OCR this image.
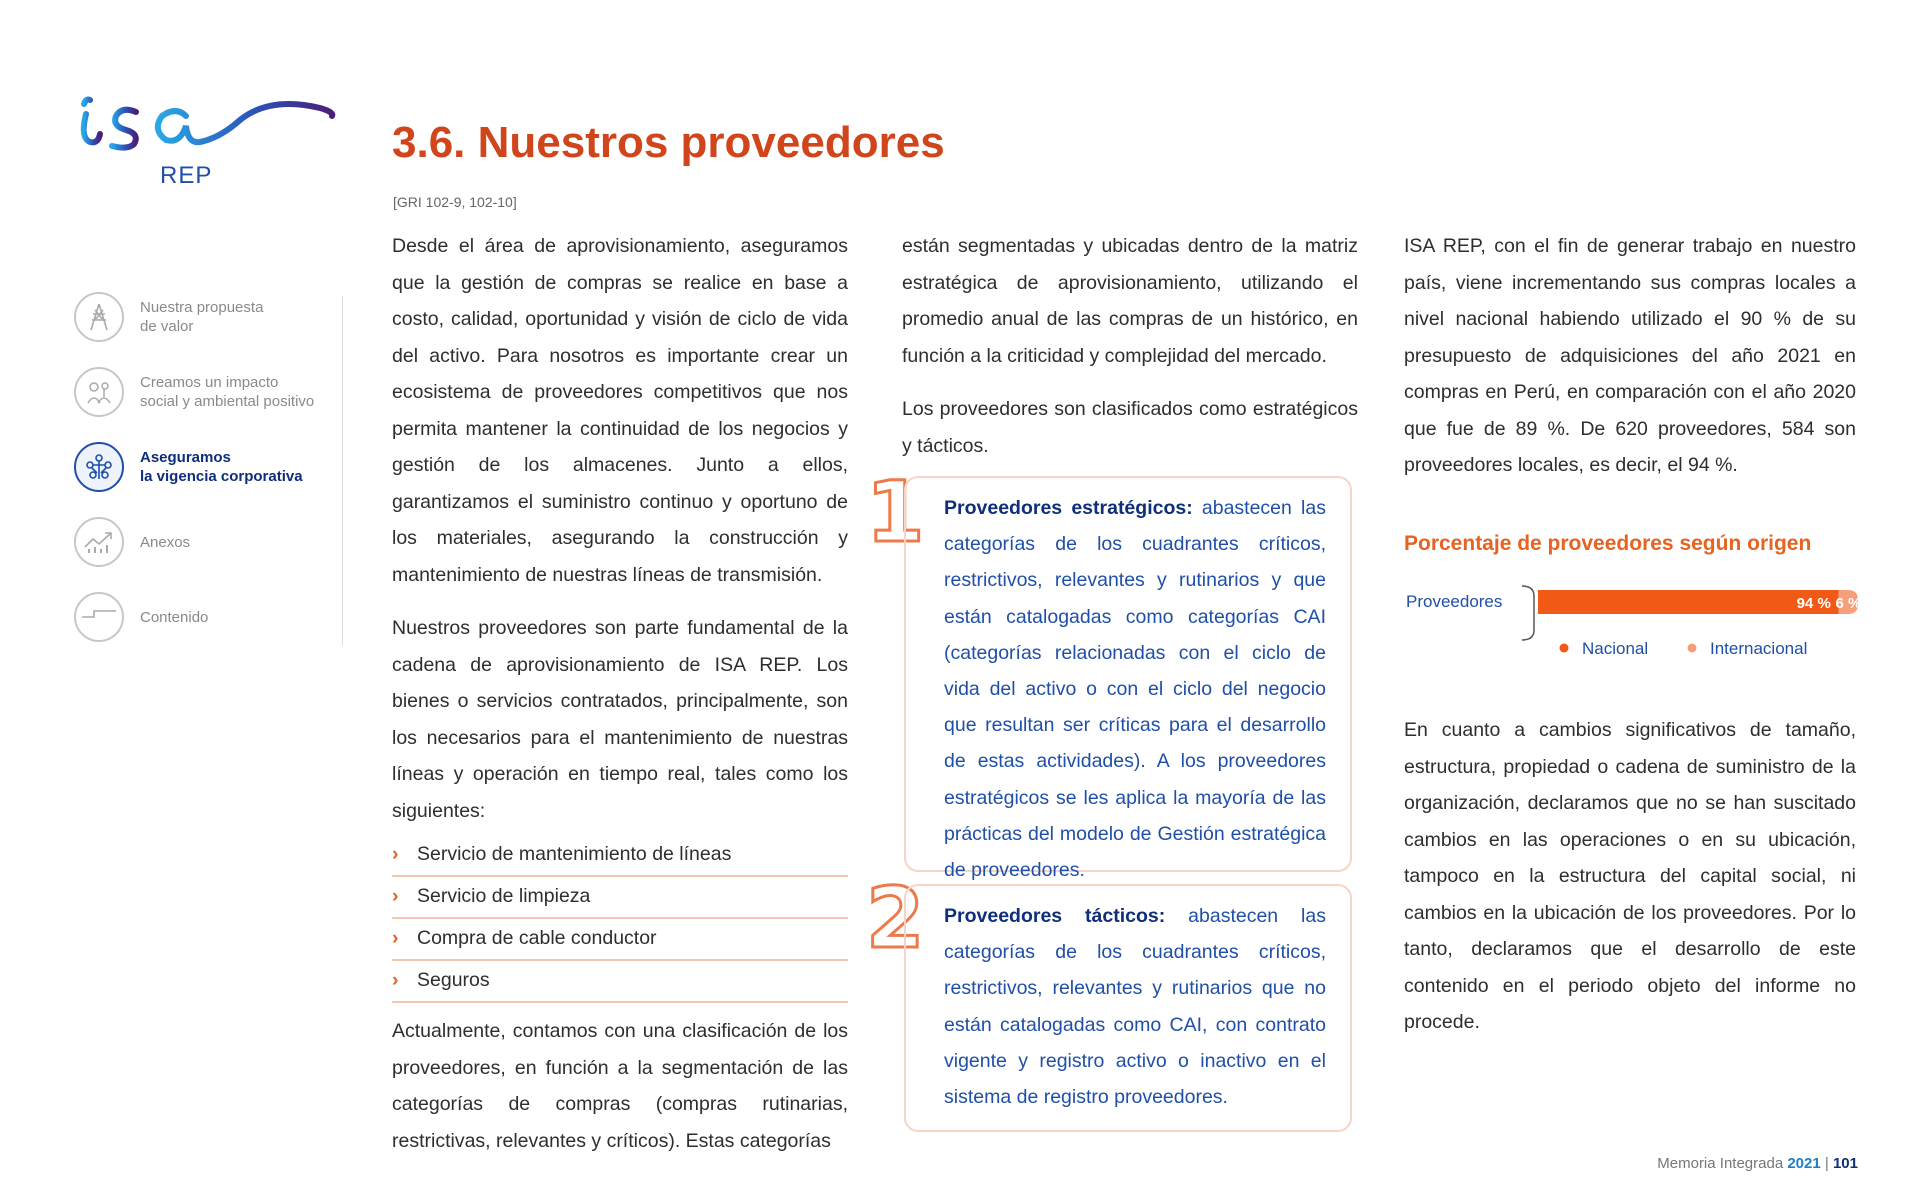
REP
Nuestra propuesta
de valor
Creamos un impacto
social y ambiental positivo
Aseguramos
la vigencia corporativa
Anexos
Contenido
3.6. Nuestros proveedores
[GRI 102-9, 102-10]

Desde el área de aprovisionamiento, aseguramos que la gestión de compras se realice en base a costo, calidad, oportunidad y visión de ciclo de vida del activo. Para nosotros es importante crear un ecosistema de proveedores competitivos que nos permita mantener la continuidad de los negocios y gestión de los almacenes. Junto a ellos, garantizamos el suministro continuo y oportuno de los materiales, asegurando la construcción y mantenimiento de nuestras líneas de transmisión.

Nuestros proveedores son parte fundamental de la cadena de aprovisionamiento de ISA REP. Los bienes o servicios contratados, principalmente, son los necesarios para el mantenimiento de nuestras líneas y operación en tiempo real, tales como los siguientes:

› Servicio de mantenimiento de líneas
› Servicio de limpieza
› Compra de cable conductor
› Seguros

Actualmente, contamos con una clasificación de los proveedores, en función a la segmentación de las categorías de compras (compras rutinarias, restrictivas, relevantes y críticos). Estas categorías

están segmentadas y ubicadas dentro de la matriz estratégica de aprovisionamiento, utilizando el promedio anual de las compras de un histórico, en función a la criticidad y complejidad del mercado.

Los proveedores son clasificados como estratégicos y tácticos.

1	Proveedores estratégicos: abastecen las categorías de los cuadrantes críticos, restrictivos, relevantes y rutinarios y que están catalogadas como categorías CAI (categorías relacionadas con el ciclo de vida del activo o con el ciclo del negocio que resultan ser críticas para el desarrollo de estas actividades). A los proveedores estratégicos se les aplica la mayoría de las prácticas del modelo de Gestión estratégica de proveedores.
2	Proveedores tácticos: abastecen las categorías de los cuadrantes críticos, restrictivos, relevantes y rutinarios que no están catalogadas como CAI, con contrato vigente y registro activo o inactivo en el sistema de registro proveedores.

ISA REP, con el fin de generar trabajo en nuestro país, viene incrementando sus compras locales a nivel nacional habiendo utilizado el 90 % de su presupuesto de adquisiciones del año 2021 en compras en Perú, en comparación con el año 2020 que fue de 89 %. De 620 proveedores, 584 son proveedores locales, es decir, el 94 %.

Porcentaje de proveedores según origen
Proveedores	94 % 6 %
Nacional	Internacional

En cuanto a cambios significativos de tamaño, estructura, propiedad o cadena de suministro de la organización, declaramos que no se han suscitado cambios en las operaciones o en su ubicación, tampoco en la estructura del capital social, ni cambios en la ubicación de los proveedores. Por lo tanto, declaramos que el desarrollo de este contenido en el periodo objeto del informe no procede.

Memoria Integrada 2021 | 101
